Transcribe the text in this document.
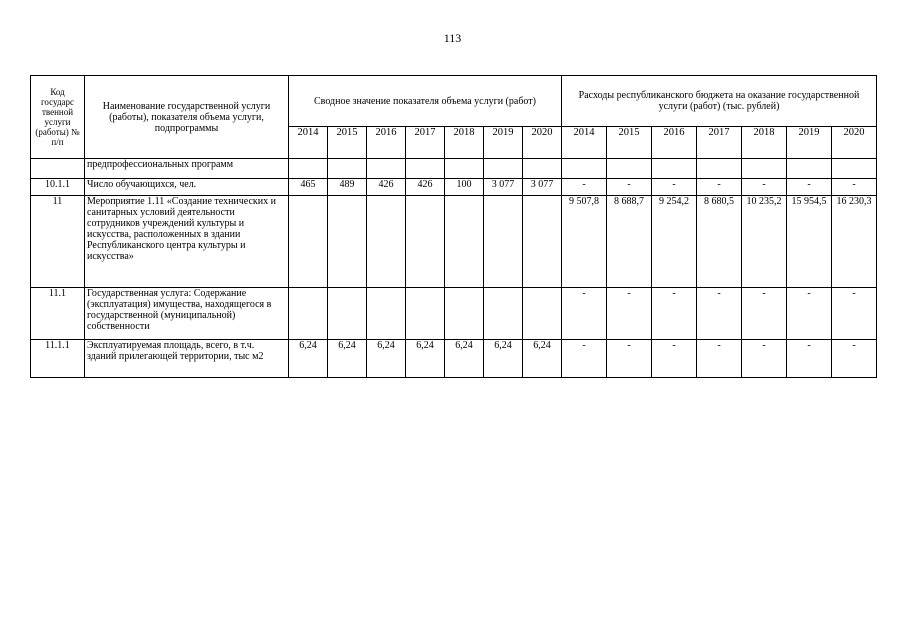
113
Код государс твенной услуги (работы) № п/п	Наименование государственной услуги (работы), показателя объема услуги, подпрограммы	Сводное значение показателя объема услуги (работ)							Расходы республиканского бюджета на оказание государственной услуги (работ) (тыс. рублей)						
		2014	2015	2016	2017	2018	2019	2020	2014	2015	2016	2017	2018	2019	2020
	предпрофессиональных программ														
10.1.1	Число обучающихся, чел.	465	489	426	426	100	3 077	3 077	-	-	-	-	-	-	-
11	Мероприятие 1.11 «Создание технических и санитарных условий деятельности сотрудников учреждений культуры и искусства, расположенных в здании Республиканского центра культуры и искусства»								9 507,8	8 688,7	9 254,2	8 680,5	10 235,2	15 954,5	16 230,3
11.1	Государственная услуга: Содержание (эксплуатация) имущества, находящегося в государственной (муниципальной) собственности								-	-	-	-	-	-	-
11.1.1	Эксплуатируемая площадь, всего, в т.ч. зданий прилегающей территории, тыс м2	6,24	6,24	6,24	6,24	6,24	6,24	6,24	-	-	-	-	-	-	-
